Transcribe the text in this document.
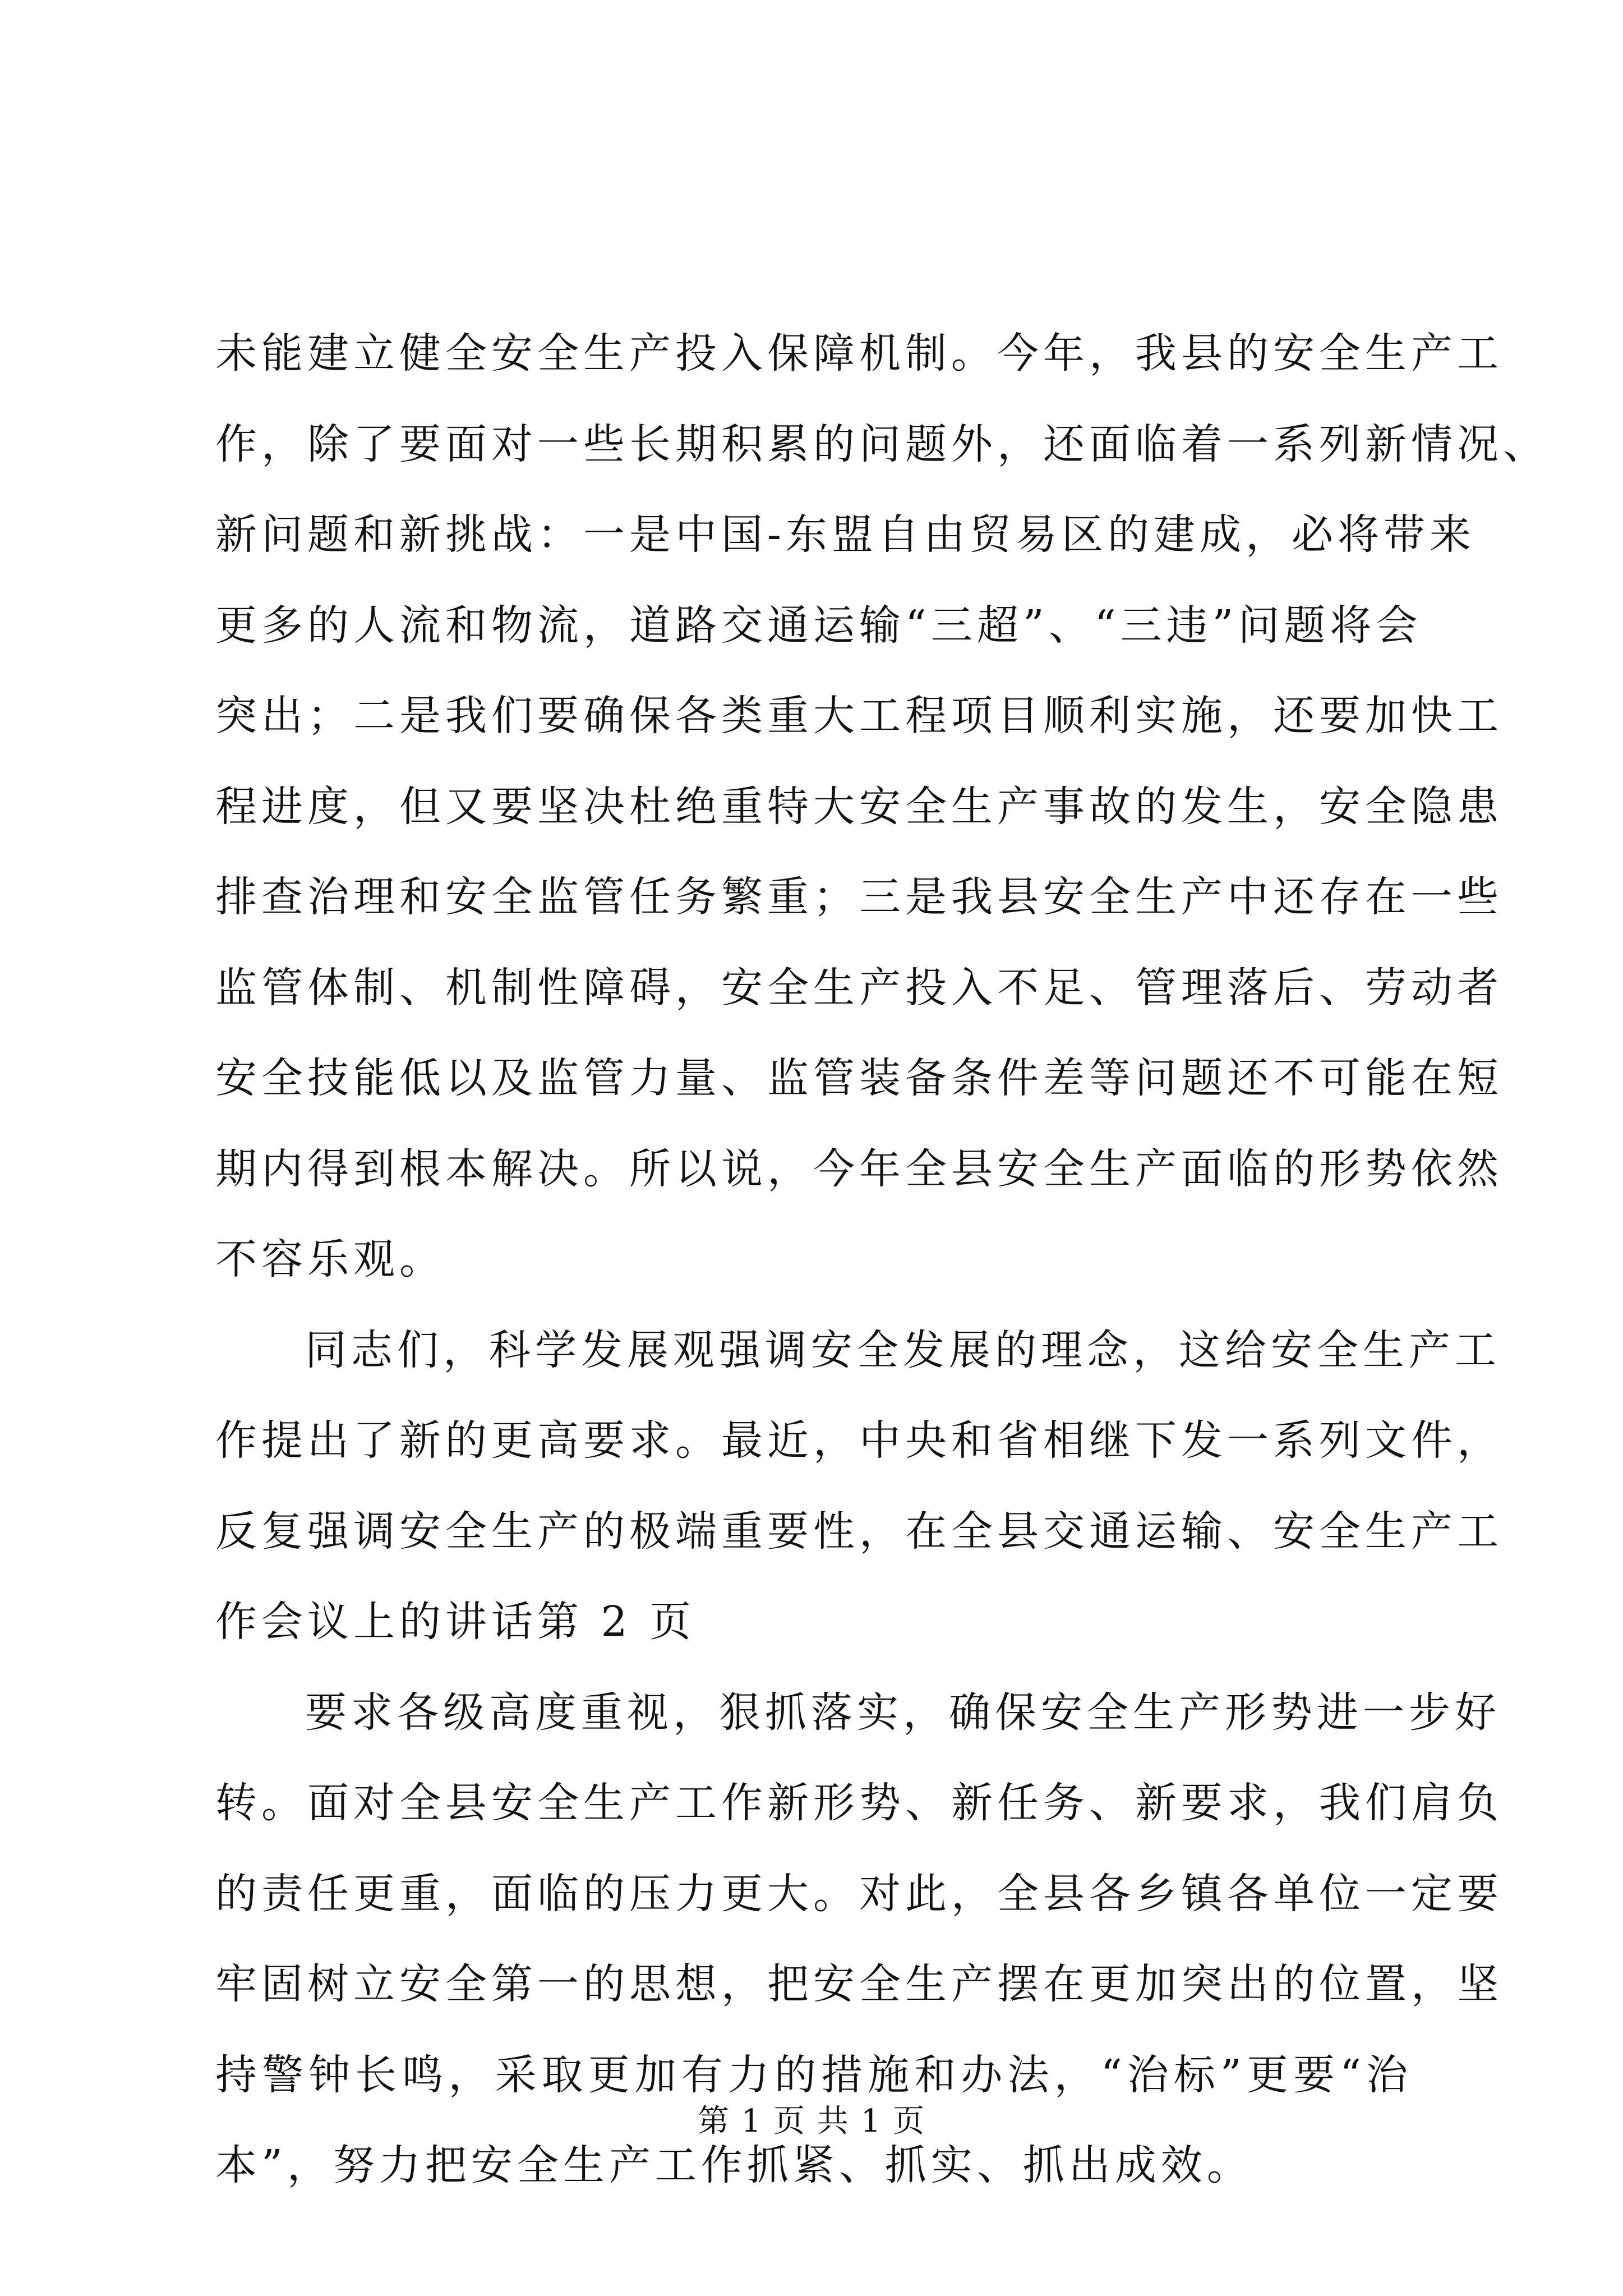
未能建立健全安全生产投入保障机制。今年，我县的安全生产工
作，除了要面对一些长期积累的问题外，还面临着一系列新情况、
新问题和新挑战：一是中国-东盟自由贸易区的建成，必将带来
更多的人流和物流，道路交通运输“三超”、“三违”问题将会
突出；二是我们要确保各类重大工程项目顺利实施，还要加快工
程进度，但又要坚决杜绝重特大安全生产事故的发生，安全隐患
排查治理和安全监管任务繁重；三是我县安全生产中还存在一些
监管体制、机制性障碍，安全生产投入不足、管理落后、劳动者
安全技能低以及监管力量、监管装备条件差等问题还不可能在短
期内得到根本解决。所以说，今年全县安全生产面临的形势依然
不容乐观。
同志们，科学发展观强调安全发展的理念，这给安全生产工
作提出了新的更高要求。最近，中央和省相继下发一系列文件，
反复强调安全生产的极端重要性，在全县交通运输、安全生产工
作会议上的讲话第 2 页
要求各级高度重视，狠抓落实，确保安全生产形势进一步好
转。面对全县安全生产工作新形势、新任务、新要求，我们肩负
的责任更重，面临的压力更大。对此，全县各乡镇各单位一定要
牢固树立安全第一的思想，把安全生产摆在更加突出的位置，坚
持警钟长鸣，采取更加有力的措施和办法，“治标”更要“治
本”，努力把安全生产工作抓紧、抓实、抓出成效。
第 1 页 共 1 页
